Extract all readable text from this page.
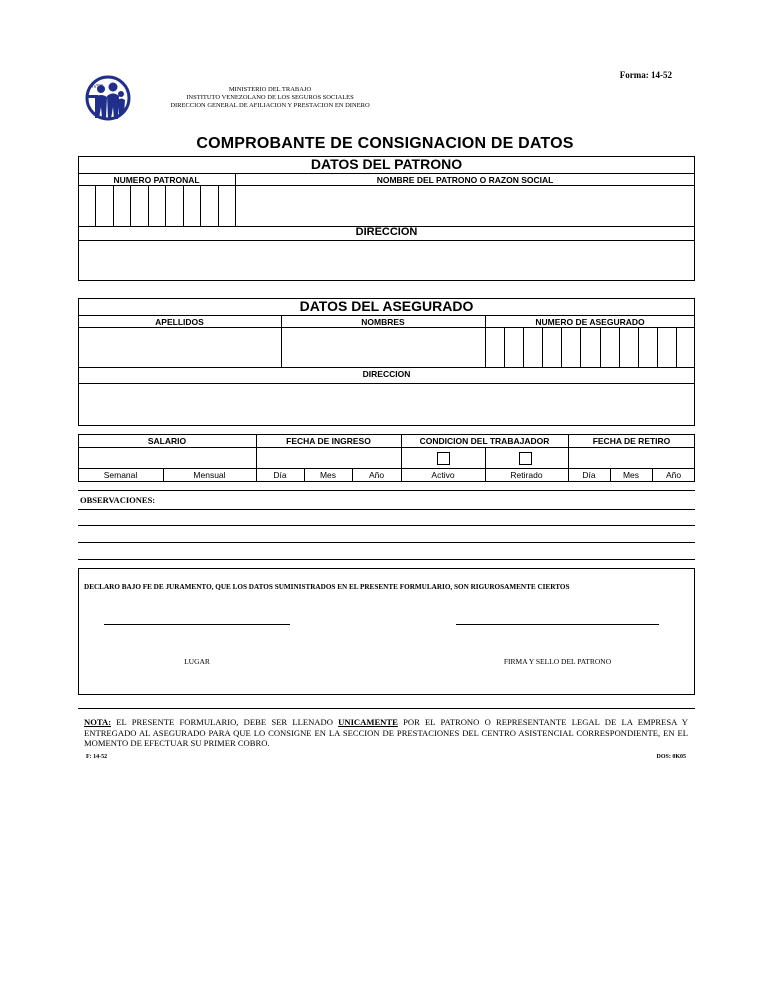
Forma: 14-52
IVSS	MINISTERIO DEL TRABAJO
INSTITUTO VENEZOLANO DE LOS SEGUROS SOCIALES
DIRECCION GENERAL DE AFILIACION Y PRESTACION EN DINERO
COMPROBANTE DE CONSIGNACION DE DATOS
DATOS DEL PATRONO
NUMERO PATRONAL	NOMBRE DEL PATRONO O RAZON SOCIAL
DIRECCION
DATOS DEL ASEGURADO
APELLIDOS	NOMBRES	NUMERO DE ASEGURADO
DIRECCION
SALARIO	FECHA DE INGRESO	CONDICION DEL TRABAJADOR	FECHA DE RETIRO
Semanal	Mensual	Día	Mes	Año	Activo	Retirado	Día	Mes	Año
OBSERVACIONES:
DECLARO BAJO FE DE JURAMENTO, QUE LOS DATOS SUMINISTRADOS EN EL PRESENTE FORMULARIO, SON RIGUROSAMENTE CIERTOS
LUGAR	FIRMA Y SELLO DEL PATRONO
NOTA: EL PRESENTE FORMULARIO, DEBE SER LLENADO UNICAMENTE POR EL PATRONO O REPRESENTANTE LEGAL DE LA EMPRESA Y ENTREGADO AL ASEGURADO PARA QUE LO CONSIGNE EN LA SECCION DE PRESTACIONES DEL CENTRO ASISTENCIAL CORRESPONDIENTE, EN EL MOMENTO DE EFECTUAR SU PRIMER COBRO.
F: 14-52	DOS: 0K05
